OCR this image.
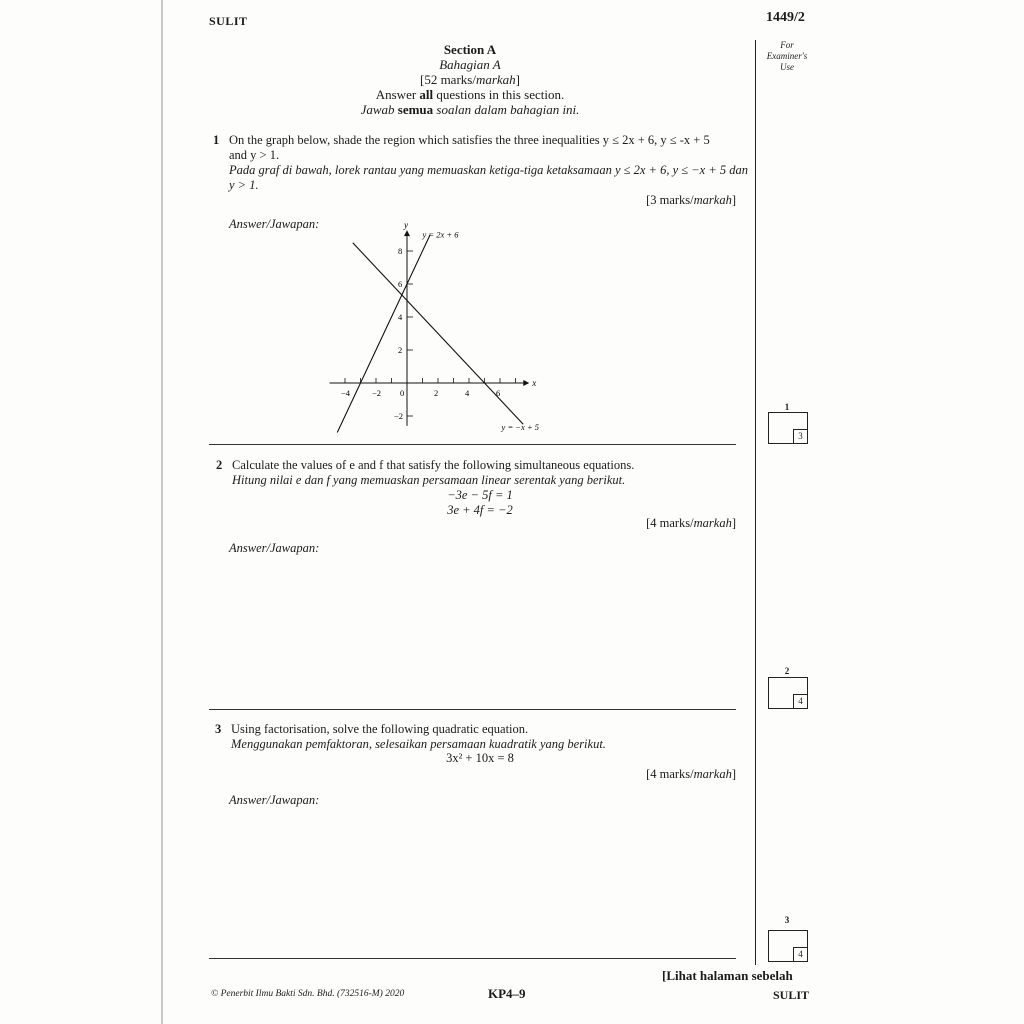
SULIT	1449/2
For
Examiner's
Use
Section A
Bahagian A
[52 marks/markah]
Answer all questions in this section.
Jawab semua soalan dalam bahagian ini.
1 On the graph below, shade the region which satisfies the three inequalities y ≤ 2x + 6, y ≤ -x + 5
and y > 1.
Pada graf di bawah, lorek rantau yang memuaskan ketiga-tiga ketaksamaan y ≤ 2x + 6, y ≤ −x + 5 dan
y > 1.
[3 marks/markah]
Answer/Jawapan:
x
y
−4	−2 0	2	4	6
8
6
4
2
−2
y = 2x + 6
y = −x + 5
1
3
2 Calculate the values of e and f that satisfy the following simultaneous equations.
Hitung nilai e dan f yang memuaskan persamaan linear serentak yang berikut.
−3e − 5f = 1
3e + 4f = −2
[4 marks/markah]
Answer/Jawapan:
2
4
3 Using factorisation, solve the following quadratic equation.
Menggunakan pemfaktoran, selesaikan persamaan kuadratik yang berikut.
3x² + 10x = 8
[4 marks/markah]
Answer/Jawapan:
3
4
[Lihat halaman sebelah
© Penerbit Ilmu Bakti Sdn. Bhd. (732516-M) 2020	KP4–9	SULIT
